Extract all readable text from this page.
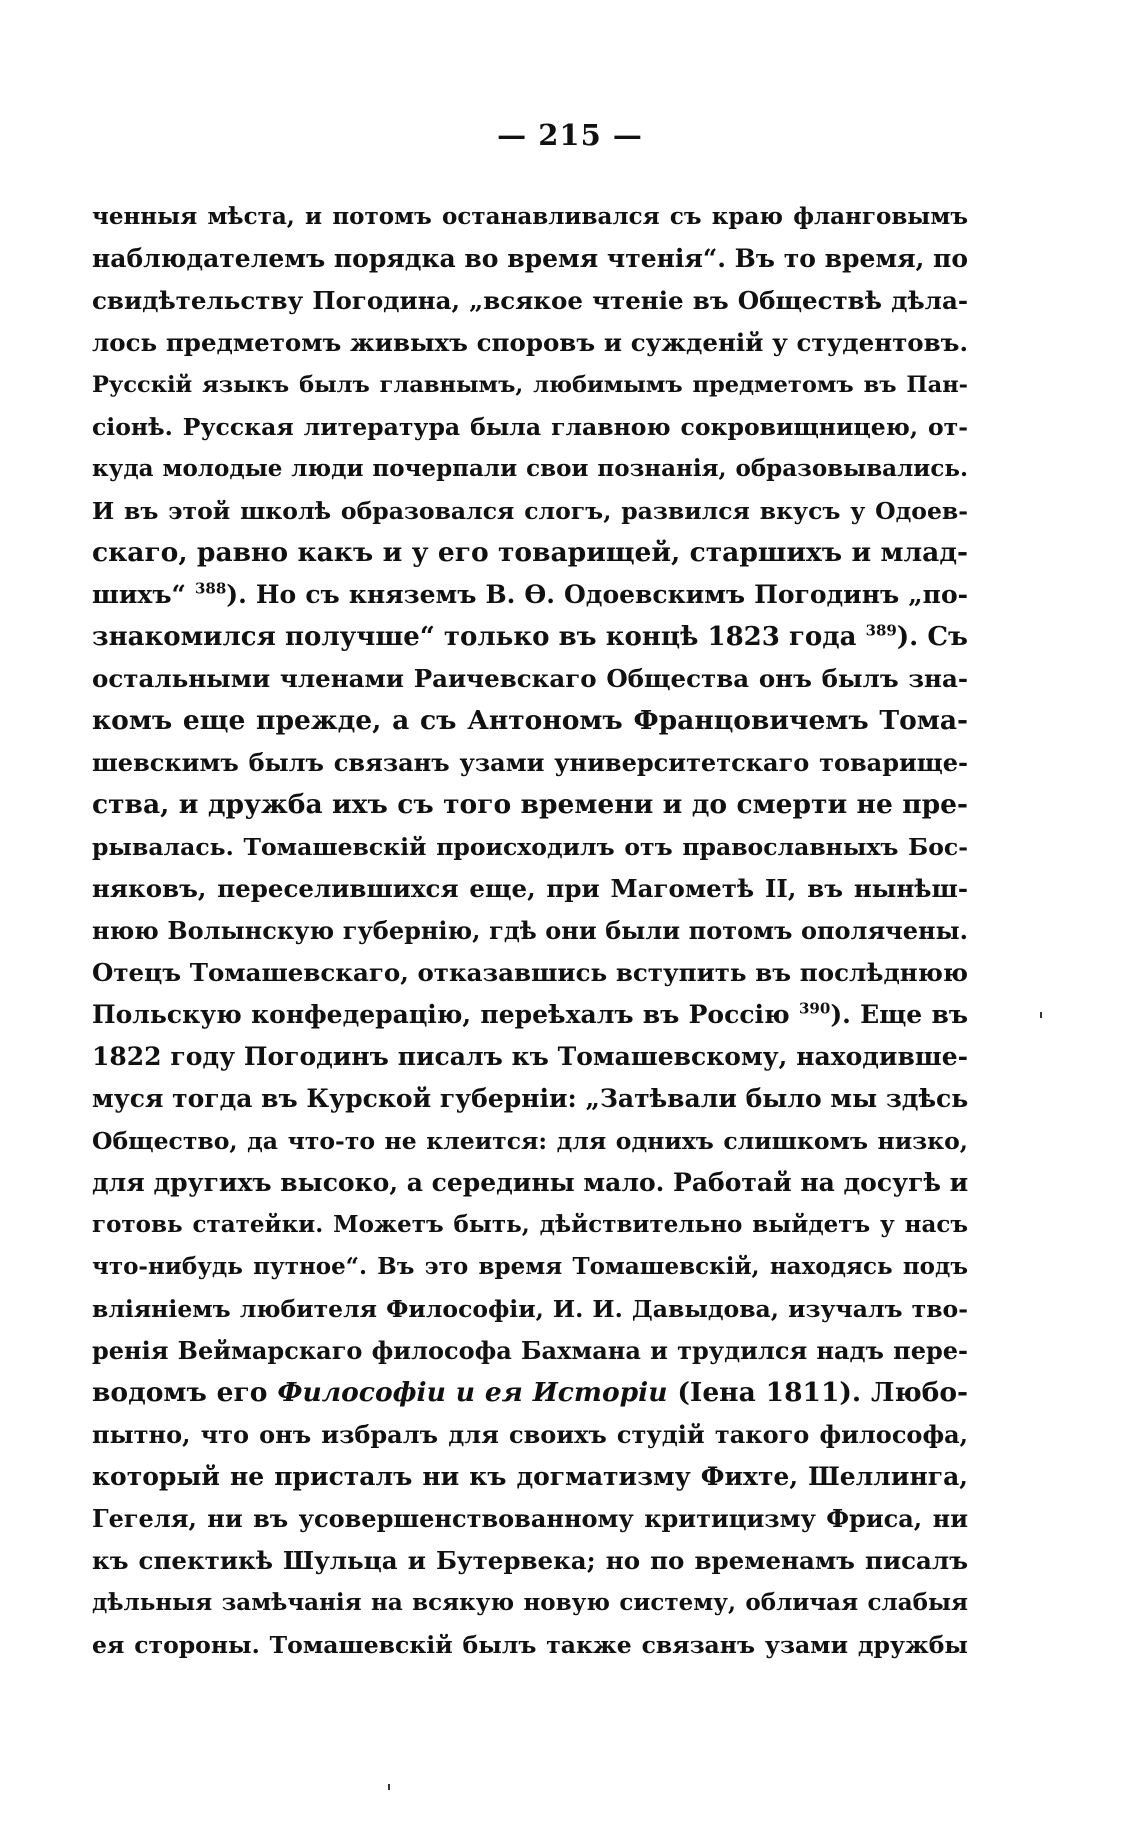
— 215 —
ченныя мѣста, и потомъ останавливался съ краю фланговымъ
наблюдателемъ порядка во время чтенія“. Въ то время, по
свидѣтельству Погодина, „всякое чтеніе въ Обществѣ дѣла-
лось предметомъ живыхъ споровъ и сужденій у студентовъ.
Русскій языкъ былъ главнымъ, любимымъ предметомъ въ Пан-
сіонѣ. Русская литература была главною сокровищницею, от-
куда молодые люди почерпали свои познанія, образовывались.
И въ этой школѣ образовался слогъ, развился вкусъ у Одоев-
скаго, равно какъ и у его товарищей, старшихъ и млад-
шихъ“ $^{388}$). Но съ княземъ В. Ѳ. Одоевскимъ Погодинъ „по-
знакомился получше“ только въ концѣ 1823 года $^{389}$). Съ
остальными членами Раичевскаго Общества онъ былъ зна-
комъ еще прежде, а съ Антономъ Францовичемъ Тома-
шевскимъ былъ связанъ узами университетскаго товарище-
ства, и дружба ихъ съ того времени и до смерти не пре-
рывалась. Томашевскій происходилъ отъ православныхъ Бос-
няковъ, переселившихся еще, при Магометѣ II, въ нынѣш-
нюю Волынскую губернію, гдѣ они были потомъ ополячены.
Отецъ Томашевскаго, отказавшись вступить въ послѣднюю
Польскую конфедерацію, переѣхалъ въ Россію $^{390}$). Еще въ
1822 году Погодинъ писалъ къ Томашевскому, находивше-
муся тогда въ Курской губерніи: „Затѣвали было мы здѣсь
Общество, да что-то не клеится: для однихъ слишкомъ низко,
для другихъ высоко, а середины мало. Работай на досугѣ и
готовь статейки. Можетъ быть, дѣйствительно выйдетъ у насъ
что-нибудь путное“. Въ это время Томашевскій, находясь подъ
вліяніемъ любителя Философіи, И. И. Давыдова, изучалъ тво-
ренія Веймарскаго философа Бахмана и трудился надъ пере-
водомъ его Философіи и ея Исторіи (Іена 1811). Любо-
пытно, что онъ избралъ для своихъ студій такого философа,
который не присталъ ни къ догматизму Фихте, Шеллинга,
Гегеля, ни въ усовершенствованному критицизму Фриса, ни
къ спектикѣ Шульца и Бутервека; но по временамъ писалъ
дѣльныя замѣчанія на всякую новую систему, обличая слабыя
ея стороны. Томашевскій былъ также связанъ узами дружбы
